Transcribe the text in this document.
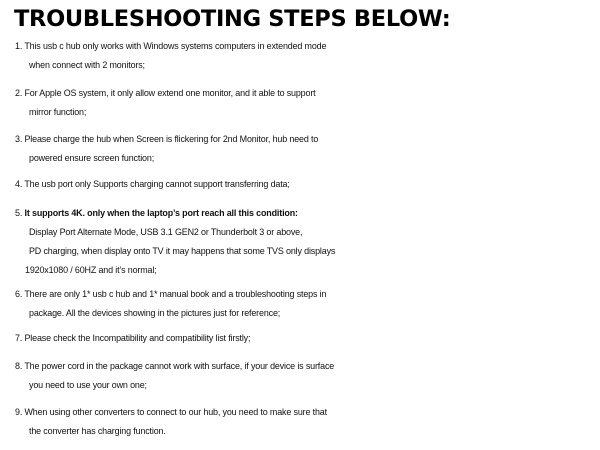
TROUBLESHOOTING STEPS BELOW:
1. This usb c hub only works with Windows systems computers in extended mode
when connect with 2 monitors;
2. For Apple OS system, it only allow extend one monitor, and it able to support
mirror function;
3. Please charge the hub when Screen is flickering for 2nd Monitor, hub need to
powered ensure screen function;
4. The usb port only Supports charging cannot support transferring data;
5. It supports 4K. only when the laptop’s port reach all this condition:
Display Port Alternate Mode, USB 3.1 GEN2 or Thunderbolt 3 or above,
PD charging, when display onto TV it may happens that some TVS only displays
1920x1080 / 60HZ and it’s normal;
6. There are only 1* usb c hub and 1* manual book and a troubleshooting steps in
package. All the devices showing in the pictures just for reference;
7. Please check the Incompatibility and compatibility list firstly;
8. The power cord in the package cannot work with surface, if your device is surface
you need to use your own one;
9. When using other converters to connect to our hub, you need to make sure that
the converter has charging function.
